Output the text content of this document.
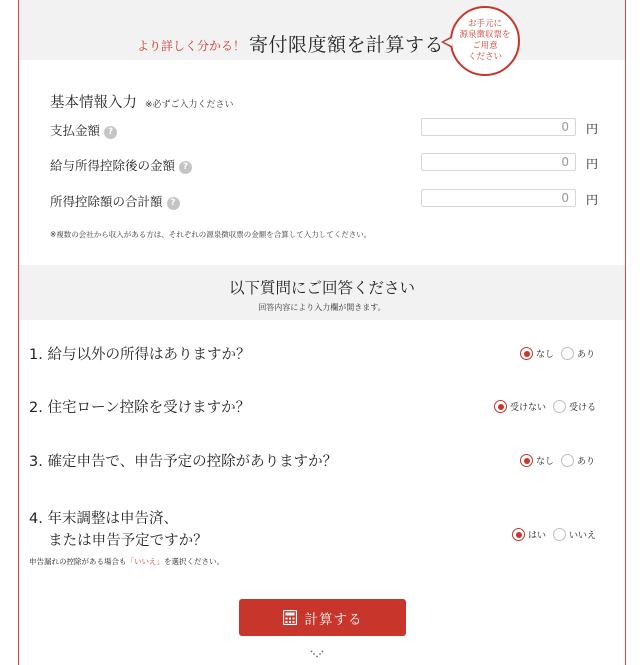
より詳しく分かる！ 寄付限度額を計算する
お手元に
源泉徴収票を
ご用意
ください
基本情報入力 ※必ずご入力ください
支払金額 ?
0	円
給与所得控除後の金額 ?
0	円
所得控除額の合計額 ?
0	円
※複数の会社から収入がある方は、それぞれの源泉徴収票の金額を合算して入力してください。
以下質問にご回答ください
回答内容により入力欄が開きます。
1. 給与以外の所得はありますか？	なし	あり
2. 住宅ローン控除を受けますか？	受けない	受ける
3. 確定申告で、申告予定の控除がありますか？	なし	あり
4. 年末調整は申告済、
　 または申告予定ですか？
申告漏れの控除がある場合も「いいえ」を選択ください。
はい	いいえ
計算する
